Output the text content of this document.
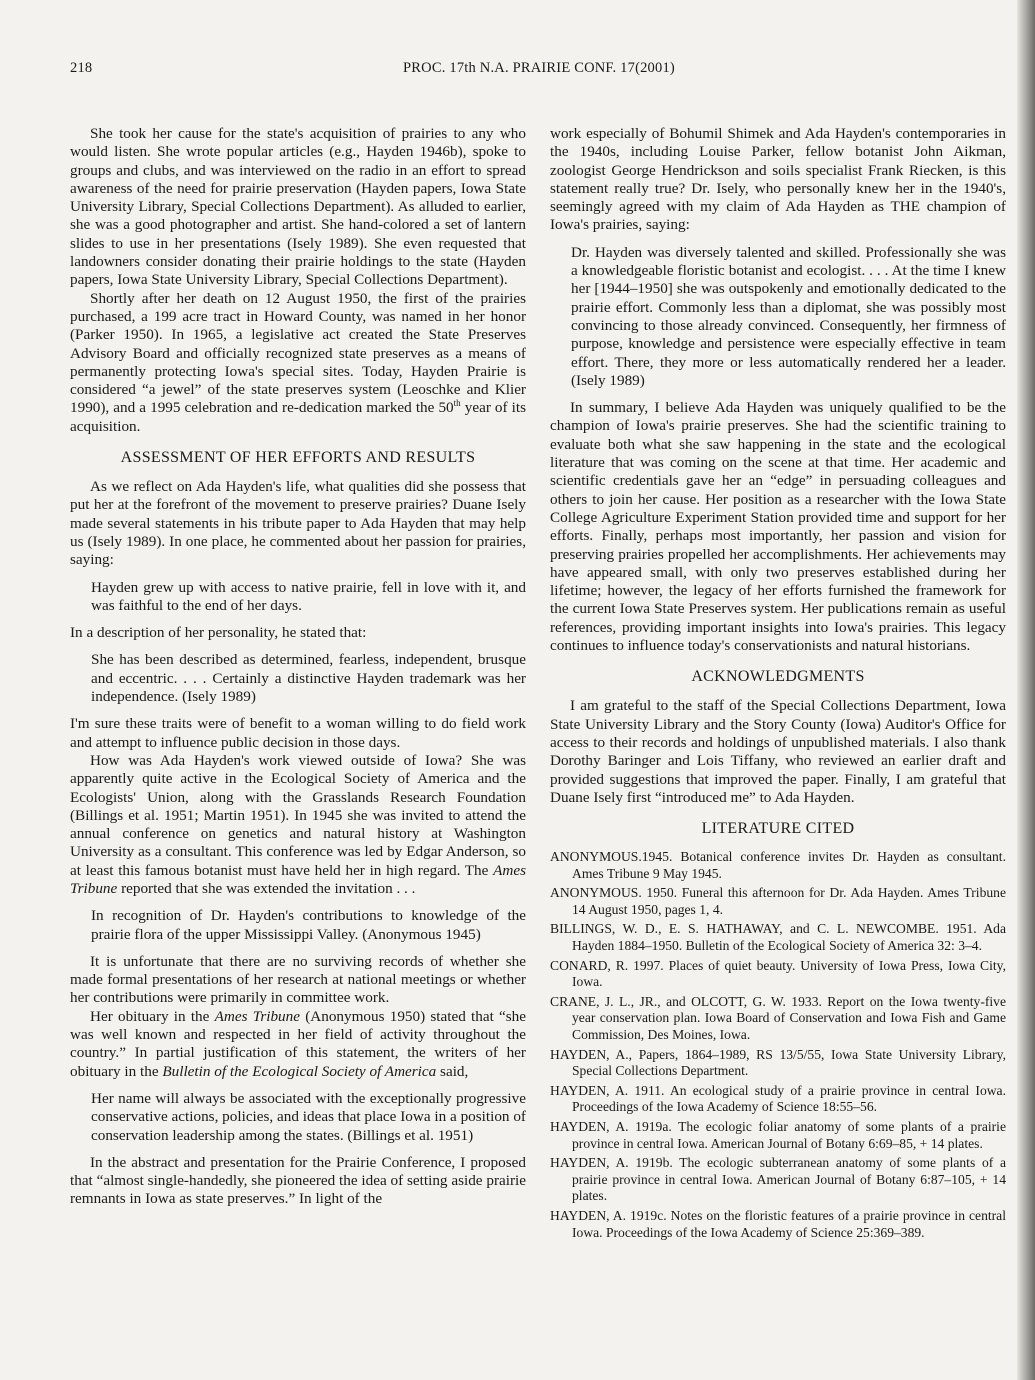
218	PROC. 17th N.A. PRAIRIE CONF. 17(2001)

She took her cause for the state's acquisition of prairies to any who would listen. She wrote popular articles (e.g., Hayden 1946b), spoke to groups and clubs, and was interviewed on the radio in an effort to spread awareness of the need for prairie preservation (Hayden papers, Iowa State University Library, Special Collections Department). As alluded to earlier, she was a good photographer and artist. She hand-colored a set of lantern slides to use in her presentations (Isely 1989). She even requested that landowners consider donating their prairie holdings to the state (Hayden papers, Iowa State University Library, Special Collections Department).

Shortly after her death on 12 August 1950, the first of the prairies purchased, a 199 acre tract in Howard County, was named in her honor (Parker 1950). In 1965, a legislative act created the State Preserves Advisory Board and officially recognized state preserves as a means of permanently protecting Iowa's special sites. Today, Hayden Prairie is considered “a jewel” of the state preserves system (Leoschke and Klier 1990), and a 1995 celebration and re-dedication marked the 50th year of its acquisition.

ASSESSMENT OF HER EFFORTS AND RESULTS

As we reflect on Ada Hayden's life, what qualities did she possess that put her at the forefront of the movement to preserve prairies? Duane Isely made several statements in his tribute paper to Ada Hayden that may help us (Isely 1989). In one place, he commented about her passion for prairies, saying:

Hayden grew up with access to native prairie, fell in love with it, and was faithful to the end of her days.

In a description of her personality, he stated that:

She has been described as determined, fearless, independent, brusque and eccentric. . . . Certainly a distinctive Hayden trademark was her independence. (Isely 1989)

I'm sure these traits were of benefit to a woman willing to do field work and attempt to influence public decision in those days.

How was Ada Hayden's work viewed outside of Iowa? She was apparently quite active in the Ecological Society of America and the Ecologists' Union, along with the Grasslands Research Foundation (Billings et al. 1951; Martin 1951). In 1945 she was invited to attend the annual conference on genetics and natural history at Washington University as a consultant. This conference was led by Edgar Anderson, so at least this famous botanist must have held her in high regard. The Ames Tribune reported that she was extended the invitation . . .

In recognition of Dr. Hayden's contributions to knowledge of the prairie flora of the upper Mississippi Valley. (Anonymous 1945)

It is unfortunate that there are no surviving records of whether she made formal presentations of her research at national meetings or whether her contributions were primarily in committee work.

Her obituary in the Ames Tribune (Anonymous 1950) stated that “she was well known and respected in her field of activity throughout the country.” In partial justification of this statement, the writers of her obituary in the Bulletin of the Ecological Society of America said,

Her name will always be associated with the exceptionally progressive conservative actions, policies, and ideas that place Iowa in a position of conservation leadership among the states. (Billings et al. 1951)

In the abstract and presentation for the Prairie Conference, I proposed that “almost single-handedly, she pioneered the idea of setting aside prairie remnants in Iowa as state preserves.” In light of the

work especially of Bohumil Shimek and Ada Hayden's contemporaries in the 1940s, including Louise Parker, fellow botanist John Aikman, zoologist George Hendrickson and soils specialist Frank Riecken, is this statement really true? Dr. Isely, who personally knew her in the 1940's, seemingly agreed with my claim of Ada Hayden as THE champion of Iowa's prairies, saying:

Dr. Hayden was diversely talented and skilled. Professionally she was a knowledgeable floristic botanist and ecologist. . . . At the time I knew her [1944–1950] she was outspokenly and emotionally dedicated to the prairie effort. Commonly less than a diplomat, she was possibly most convincing to those already convinced. Consequently, her firmness of purpose, knowledge and persistence were especially effective in team effort. There, they more or less automatically rendered her a leader. (Isely 1989)

In summary, I believe Ada Hayden was uniquely qualified to be the champion of Iowa's prairie preserves. She had the scientific training to evaluate both what she saw happening in the state and the ecological literature that was coming on the scene at that time. Her academic and scientific credentials gave her an “edge” in persuading colleagues and others to join her cause. Her position as a researcher with the Iowa State College Agriculture Experiment Station provided time and support for her efforts. Finally, perhaps most importantly, her passion and vision for preserving prairies propelled her accomplishments. Her achievements may have appeared small, with only two preserves established during her lifetime; however, the legacy of her efforts furnished the framework for the current Iowa State Preserves system. Her publications remain as useful references, providing important insights into Iowa's prairies. This legacy continues to influence today's conservationists and natural historians.

ACKNOWLEDGMENTS

I am grateful to the staff of the Special Collections Department, Iowa State University Library and the Story County (Iowa) Auditor's Office for access to their records and holdings of unpublished materials. I also thank Dorothy Baringer and Lois Tiffany, who reviewed an earlier draft and provided suggestions that improved the paper. Finally, I am grateful that Duane Isely first “introduced me” to Ada Hayden.

LITERATURE CITED

ANONYMOUS.1945. Botanical conference invites Dr. Hayden as consultant. Ames Tribune 9 May 1945.

ANONYMOUS. 1950. Funeral this afternoon for Dr. Ada Hayden. Ames Tribune 14 August 1950, pages 1, 4.

BILLINGS, W. D., E. S. HATHAWAY, and C. L. NEWCOMBE. 1951. Ada Hayden 1884–1950. Bulletin of the Ecological Society of America 32: 3–4.

CONARD, R. 1997. Places of quiet beauty. University of Iowa Press, Iowa City, Iowa.

CRANE, J. L., JR., and OLCOTT, G. W. 1933. Report on the Iowa twenty-five year conservation plan. Iowa Board of Conservation and Iowa Fish and Game Commission, Des Moines, Iowa.

HAYDEN, A., Papers, 1864–1989, RS 13/5/55, Iowa State University Library, Special Collections Department.

HAYDEN, A. 1911. An ecological study of a prairie province in central Iowa. Proceedings of the Iowa Academy of Science 18:55–56.

HAYDEN, A. 1919a. The ecologic foliar anatomy of some plants of a prairie province in central Iowa. American Journal of Botany 6:69–85, + 14 plates.

HAYDEN, A. 1919b. The ecologic subterranean anatomy of some plants of a prairie province in central Iowa. American Journal of Botany 6:87–105, + 14 plates.

HAYDEN, A. 1919c. Notes on the floristic features of a prairie province in central Iowa. Proceedings of the Iowa Academy of Science 25:369–389.
